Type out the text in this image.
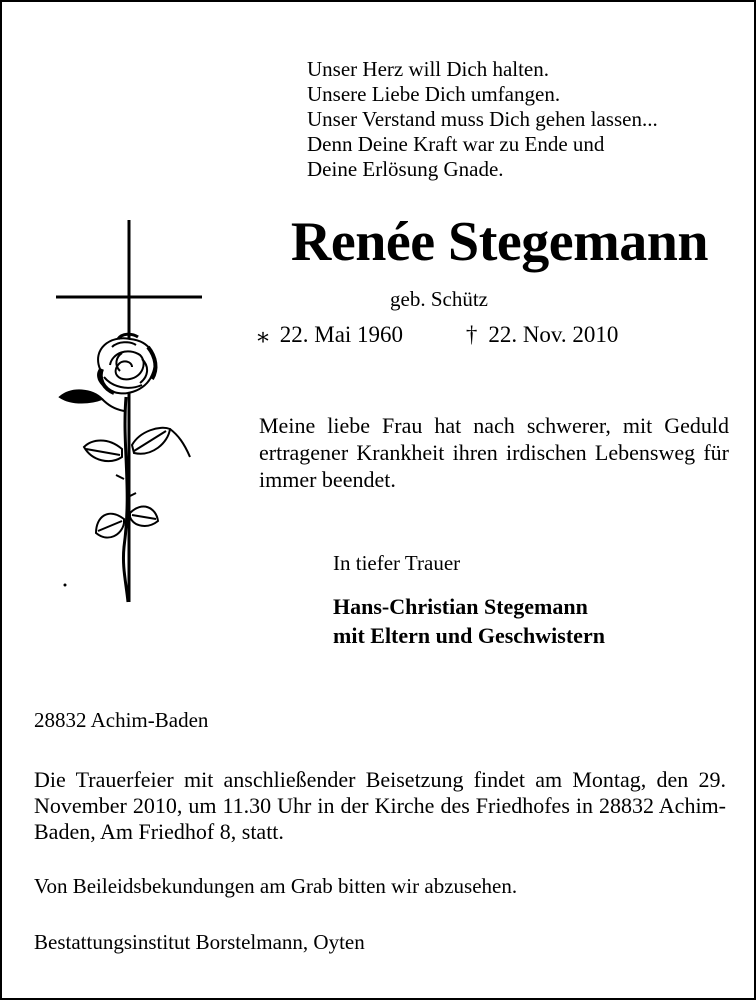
Unser Herz will Dich halten.
Unsere Liebe Dich umfangen.
Unser Verstand muss Dich gehen lassen...
Denn Deine Kraft war zu Ende und
Deine Erlösung Gnade.
Renée Stegemann
geb. Schütz
⁎ 22. Mai 1960	† 22. Nov. 2010
Meine liebe Frau hat nach schwerer, mit Geduld ertragener Krankheit ihren irdischen Lebensweg für immer beendet.
In tiefer Trauer
Hans-Christian Stegemann
mit Eltern und Geschwistern
28832 Achim-Baden
Die Trauerfeier mit anschließender Beisetzung findet am Montag, den 29. November 2010, um 11.30 Uhr in der Kirche des Friedhofes in 28832 Achim-Baden, Am Friedhof 8, statt.
Von Beileidsbekundungen am Grab bitten wir abzusehen.
Bestattungsinstitut Borstelmann, Oyten
